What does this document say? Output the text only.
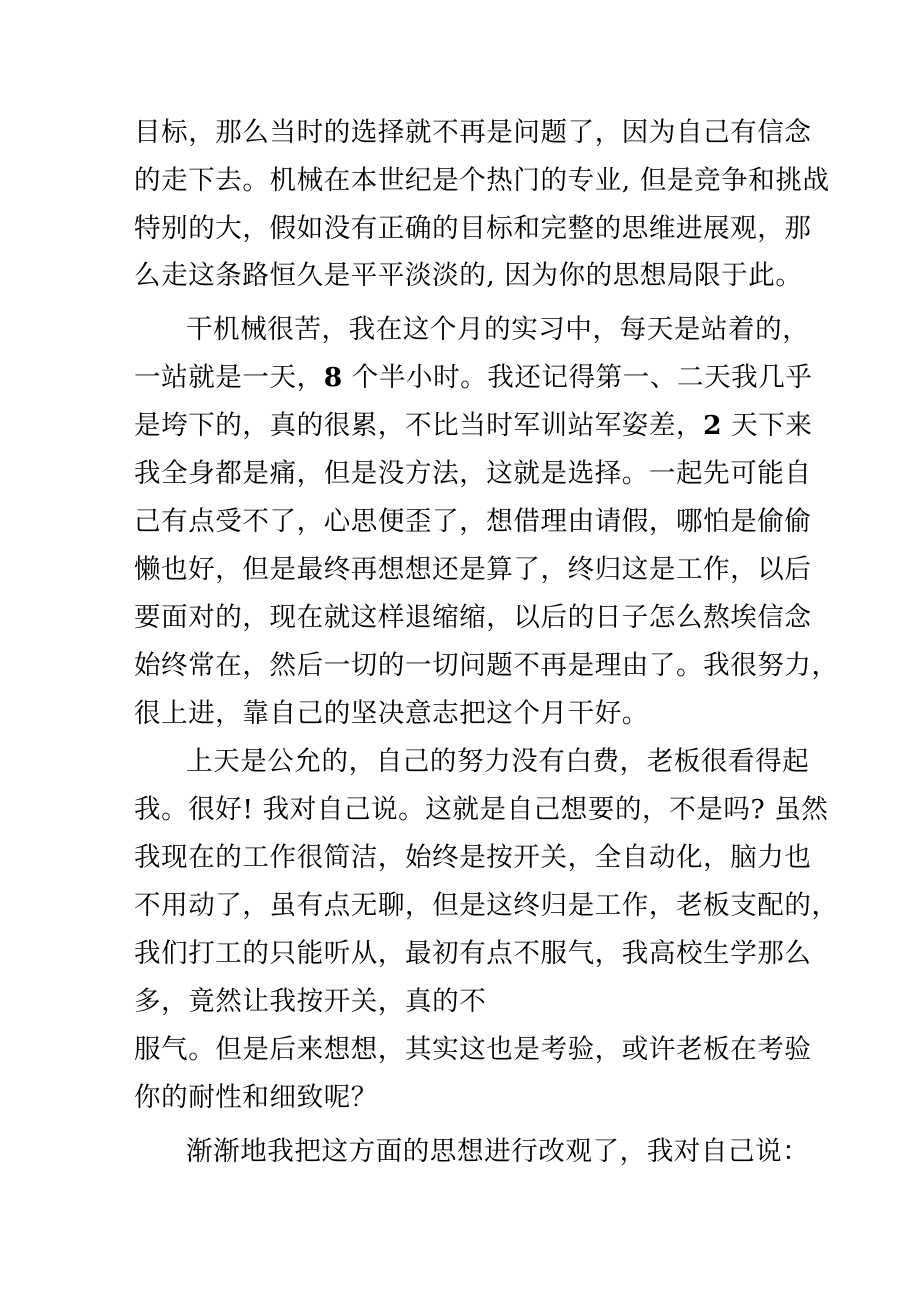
目标，那么当时的选择就不再是问题了，因为自己有信念
的走下去。机械在本世纪是个热门的专业, 但是竞争和挑战
特别的大，假如没有正确的目标和完整的思维进展观，那
么走这条路恒久是平平淡淡的, 因为你的思想局限于此。
干机械很苦，我在这个月的实习中，每天是站着的，
一站就是一天，8 个半小时。我还记得第一、二天我几乎
是垮下的，真的很累，不比当时军训站军姿差，2 天下来
我全身都是痛，但是没方法，这就是选择。一起先可能自
己有点受不了，心思便歪了，想借理由请假，哪怕是偷偷
懒也好，但是最终再想想还是算了，终归这是工作，以后
要面对的，现在就这样退缩缩，以后的日子怎么熬埃信念
始终常在，然后一切的一切问题不再是理由了。我很努力，
很上进，靠自己的坚决意志把这个月干好。
上天是公允的，自己的努力没有白费，老板很看得起
我。很好! 我对自己说。这就是自己想要的，不是吗? 虽然
我现在的工作很简洁，始终是按开关，全自动化，脑力也
不用动了，虽有点无聊，但是这终归是工作，老板支配的，
我们打工的只能听从，最初有点不服气，我高校生学那么
多，竟然让我按开关，真的不
服气。但是后来想想，其实这也是考验，或许老板在考验
你的耐性和细致呢？
渐渐地我把这方面的思想进行改观了，我对自己说：
